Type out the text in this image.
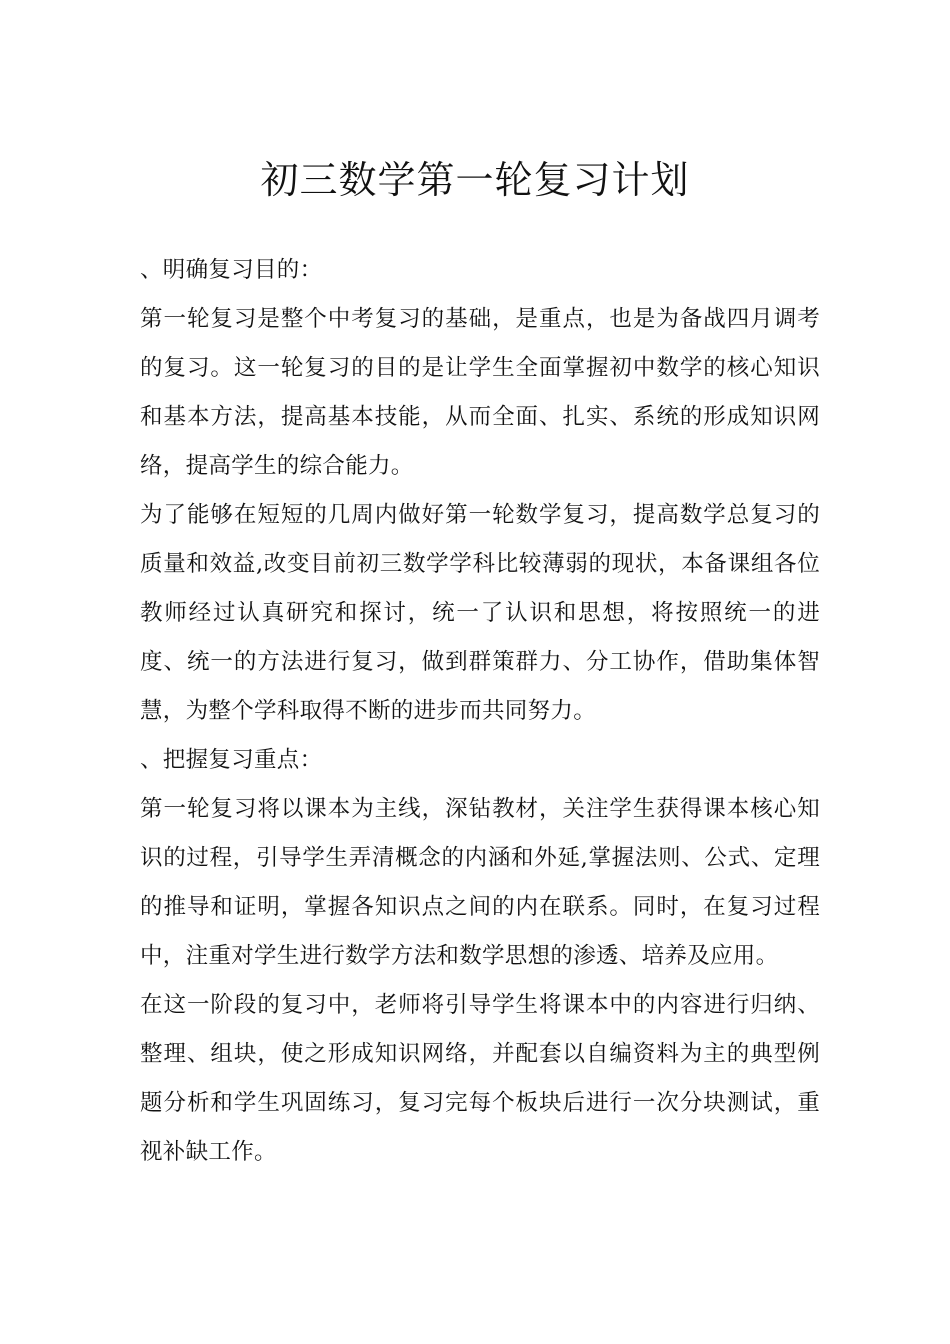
初三数学第一轮复习计划

、明确复习目的：

第一轮复习是整个中考复习的基础，是重点，也是为备战四月调考的复习。这一轮复习的目的是让学生全面掌握初中数学的核心知识和基本方法，提高基本技能，从而全面、扎实、系统的形成知识网络，提高学生的综合能力。

为了能够在短短的几周内做好第一轮数学复习，提高数学总复习的质量和效益,改变目前初三数学学科比较薄弱的现状，本备课组各位教师经过认真研究和探讨，统一了认识和思想，将按照统一的进度、统一的方法进行复习，做到群策群力、分工协作，借助集体智慧，为整个学科取得不断的进步而共同努力。

、把握复习重点：

第一轮复习将以课本为主线，深钻教材，关注学生获得课本核心知识的过程，引导学生弄清概念的内涵和外延,掌握法则、公式、定理的推导和证明，掌握各知识点之间的内在联系。同时，在复习过程中，注重对学生进行数学方法和数学思想的渗透、培养及应用。

在这一阶段的复习中，老师将引导学生将课本中的内容进行归纳、整理、组块，使之形成知识网络，并配套以自编资料为主的典型例题分析和学生巩固练习，复习完每个板块后进行一次分块测试，重视补缺工作。
